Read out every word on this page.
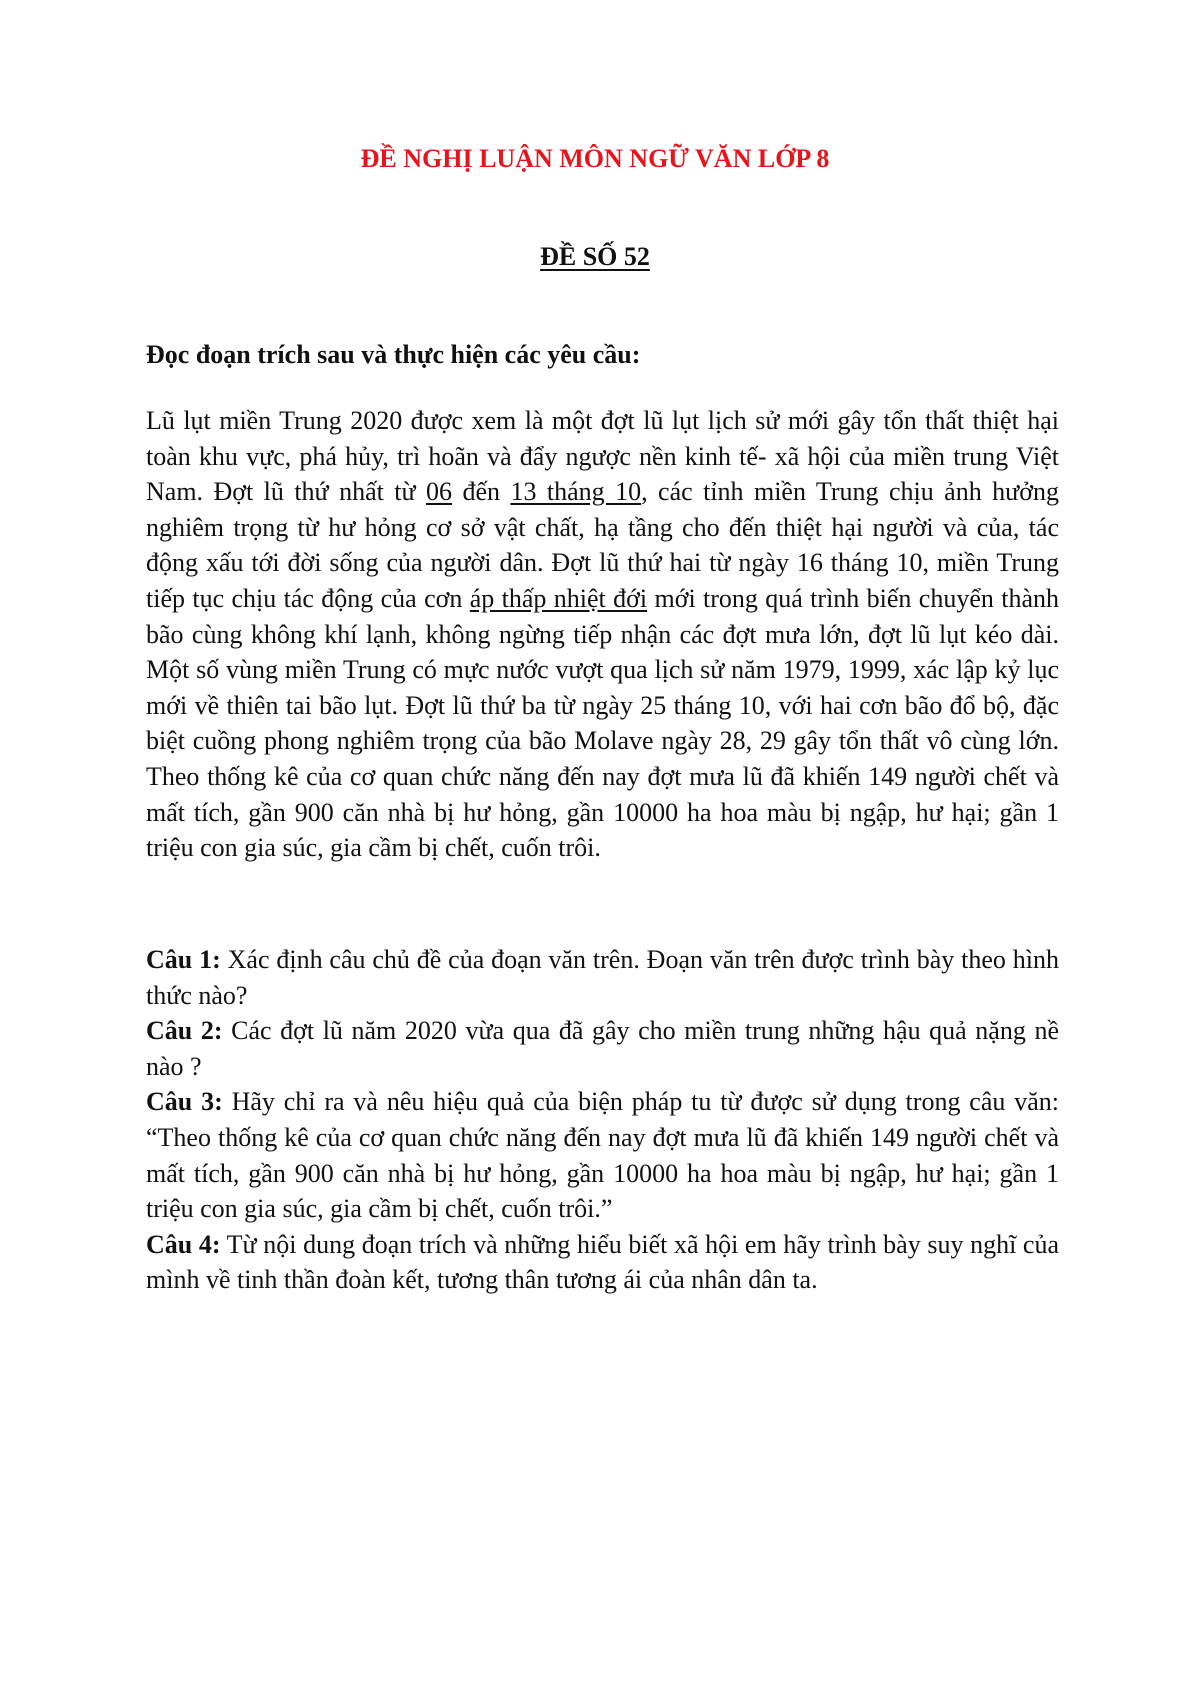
ĐỀ NGHỊ LUẬN MÔN NGỮ VĂN LỚP 8
ĐỀ SỐ 52

Đọc đoạn trích sau và thực hiện các yêu cầu:

Lũ lụt miền Trung 2020 được xem là một đợt lũ lụt lịch sử mới gây tổn thất thiệt hại toàn khu vực, phá hủy, trì hoãn và đẩy ngược nền kinh tế- xã hội của miền trung Việt Nam. Đợt lũ thứ nhất từ 06 đến 13 tháng 10, các tỉnh miền Trung chịu ảnh hưởng nghiêm trọng từ hư hỏng cơ sở vật chất, hạ tầng cho đến thiệt hại người và của, tác động xấu tới đời sống của người dân. Đợt lũ thứ hai từ ngày 16 tháng 10, miền Trung tiếp tục chịu tác động của cơn áp thấp nhiệt đới mới trong quá trình biến chuyển thành bão cùng không khí lạnh, không ngừng tiếp nhận các đợt mưa lớn, đợt lũ lụt kéo dài. Một số vùng miền Trung có mực nước vượt qua lịch sử năm 1979, 1999, xác lập kỷ lục mới về thiên tai bão lụt. Đợt lũ thứ ba từ ngày 25 tháng 10, với hai cơn bão đổ bộ, đặc biệt cuồng phong nghiêm trọng của bão Molave ngày 28, 29 gây tổn thất vô cùng lớn. Theo thống kê của cơ quan chức năng đến nay đợt mưa lũ đã khiến 149 người chết và mất tích, gần 900 căn nhà bị hư hỏng, gần 10000 ha hoa màu bị ngập, hư hại; gần 1 triệu con gia súc, gia cầm bị chết, cuốn trôi.

Câu 1: Xác định câu chủ đề của đoạn văn trên. Đoạn văn trên được trình bày theo hình thức nào?
Câu 2: Các đợt lũ năm 2020 vừa qua đã gây cho miền trung những hậu quả nặng nề nào ?
Câu 3: Hãy chỉ ra và nêu hiệu quả của biện pháp tu từ được sử dụng trong câu văn: “Theo thống kê của cơ quan chức năng đến nay đợt mưa lũ đã khiến 149 người chết và mất tích, gần 900 căn nhà bị hư hỏng, gần 10000 ha hoa màu bị ngập, hư hại; gần 1 triệu con gia súc, gia cầm bị chết, cuốn trôi.”
Câu 4: Từ nội dung đoạn trích và những hiểu biết xã hội em hãy trình bày suy nghĩ của mình về tinh thần đoàn kết, tương thân tương ái của nhân dân ta.
